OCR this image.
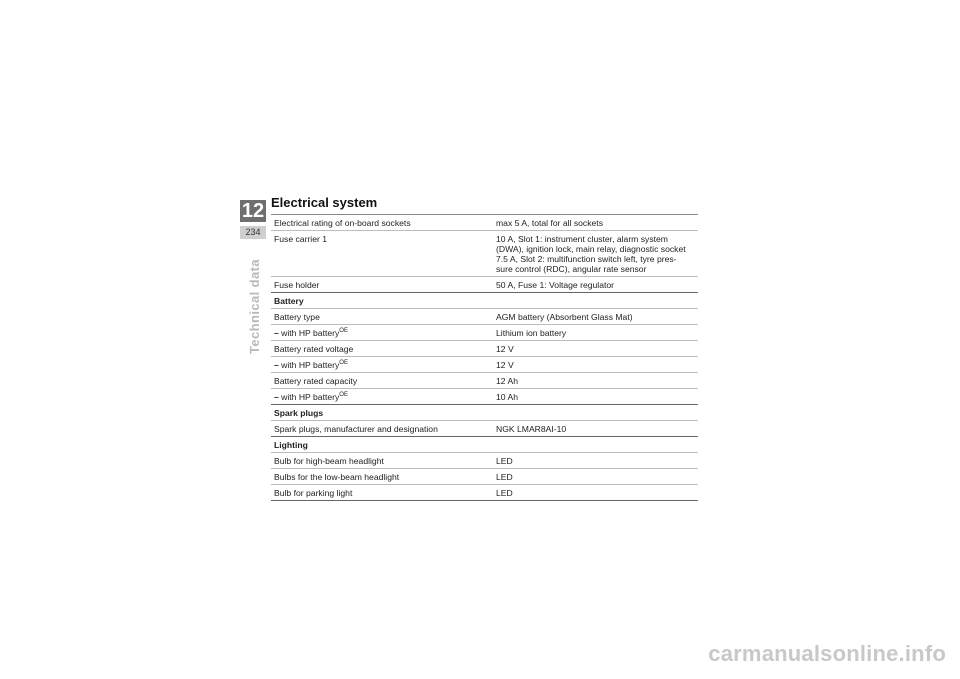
12
234
Technical data
Electrical system
Electrical rating of on-board sockets	max 5 A, total for all sockets
Fuse carrier 1	10 A, Slot 1: instrument cluster, alarm system
(DWA), ignition lock, main relay, diagnostic socket
7.5 A, Slot 2: multifunction switch left, tyre pres-
sure control (RDC), angular rate sensor

Fuse holder	50 A, Fuse 1: Voltage regulator
Battery	
Battery type	AGM battery (Absorbent Glass Mat)
– with HP battery$^{OE}$	Lithium ion battery
Battery rated voltage	12 V
– with HP battery$^{OE}$	12 V
Battery rated capacity	12 Ah
– with HP battery$^{OE}$	10 Ah
Spark plugs	
Spark plugs, manufacturer and designation	NGK LMAR8AI-10
Lighting	
Bulb for high-beam headlight	LED
Bulbs for the low-beam headlight	LED
Bulb for parking light	LED
carmanualsonline.info
